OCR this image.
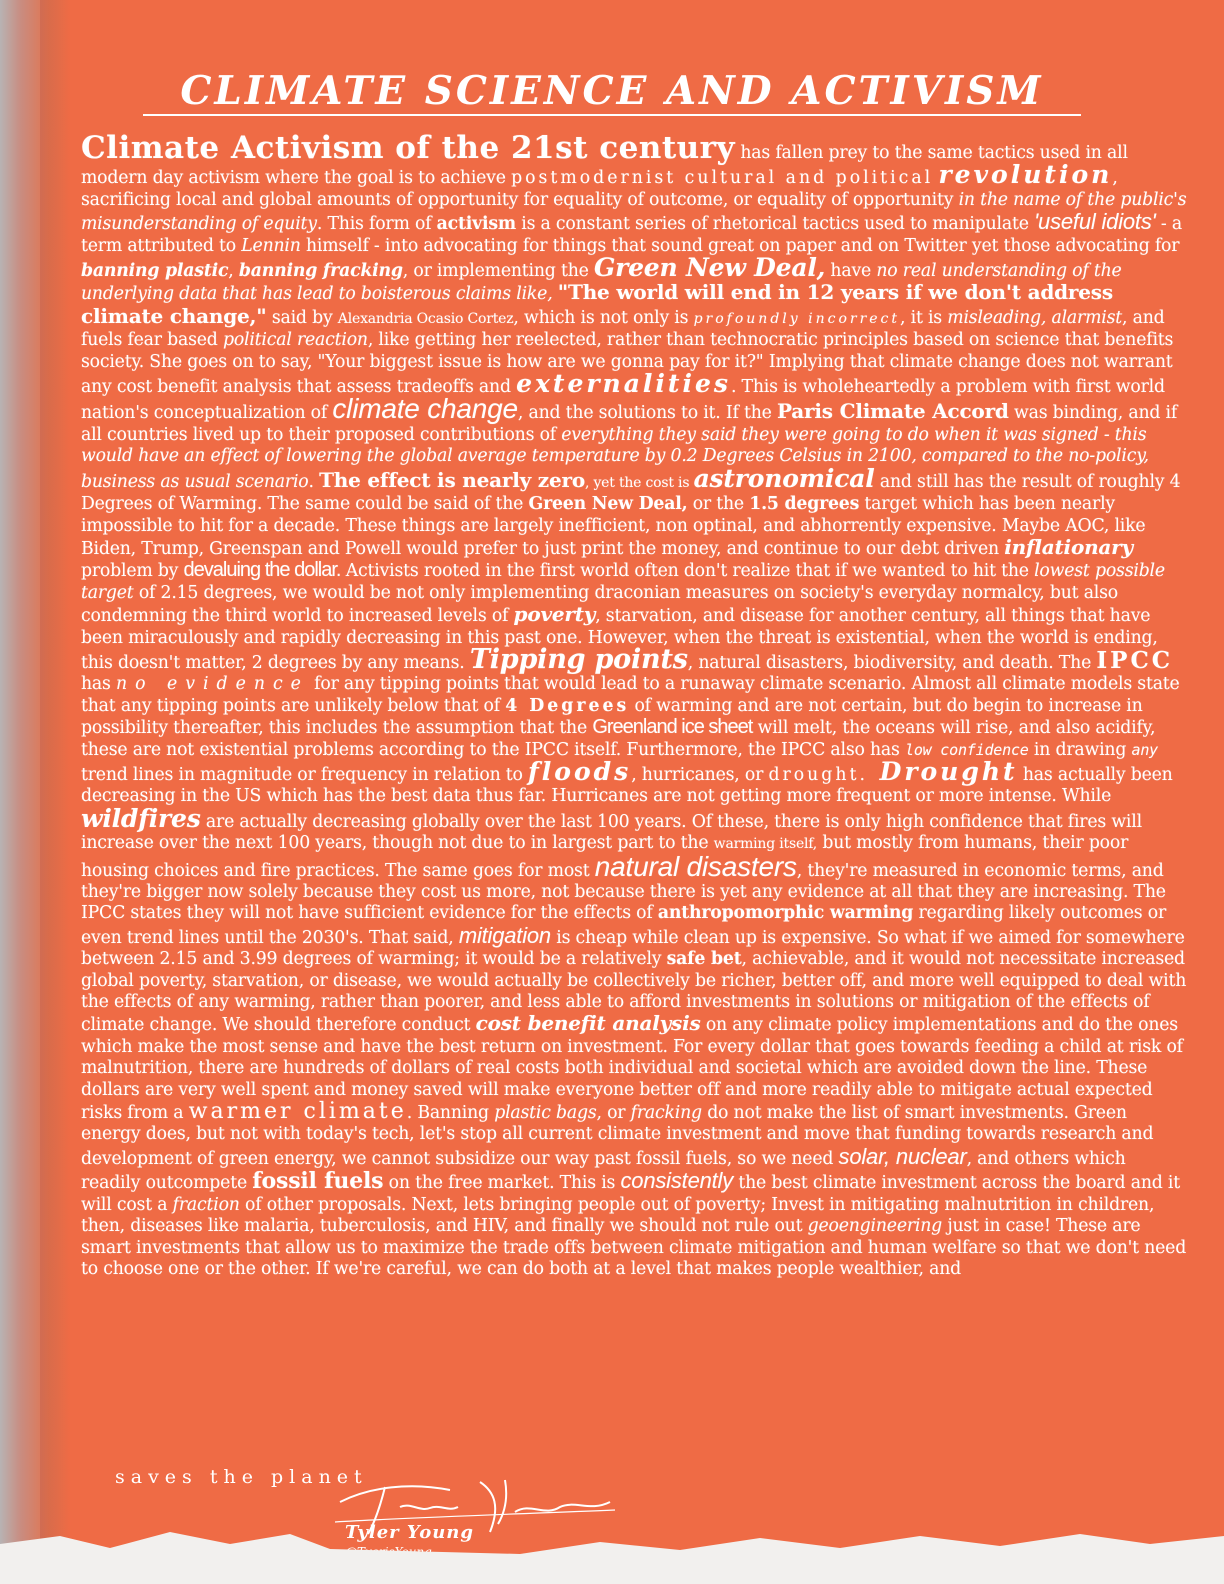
CLIMATE SCIENCE AND ACTIVISM
Climate Activism of the 21st century has fallen prey to the same tactics used in all modern day activism where the goal is to achieve postmodernist cultural and political revolution, sacrificing local and global amounts of opportunity for equality of outcome, or equality of opportunity in the name of the public's misunderstanding of equity. This form of activism is a constant series of rhetorical tactics used to manipulate 'useful idiots' - a term attributed to Lennin himself - into advocating for things that sound great on paper and on Twitter yet those advocating for banning plastic, banning fracking, or implementing the Green New Deal, have no real understanding of the underlying data that has lead to boisterous claims like, "The world will end in 12 years if we don't address climate change," said by Alexandria Ocasio Cortez, which is not only is profoundly incorrect, it is misleading, alarmist, and fuels fear based political reaction, like getting her reelected, rather than technocratic principles based on science that benefits society. She goes on to say, "Your biggest issue is how are we gonna pay for it?" Implying that climate change does not warrant any cost benefit analysis that assess tradeoffs and externalities. This is wholeheartedly a problem with first world nation's conceptualization of climate change, and the solutions to it. If the Paris Climate Accord was binding, and if all countries lived up to their proposed contributions of everything they said they were going to do when it was signed - this would have an effect of lowering the global average temperature by 0.2 Degrees Celsius in 2100, compared to the no-policy, business as usual scenario. The effect is nearly zero, yet the cost is astronomical and still has the result of roughly 4 Degrees of Warming. The same could be said of the Green New Deal, or the 1.5 degrees target which has been nearly impossible to hit for a decade. These things are largely inefficient, non optinal, and abhorrently expensive. Maybe AOC, like Biden, Trump, Greenspan and Powell would prefer to just print the money, and continue to our debt driven inflationary problem by devaluing the dollar. Activists rooted in the first world often don't realize that if we wanted to hit the lowest possible target of 2.15 degrees, we would be not only implementing draconian measures on society's everyday normalcy, but also condemning the third world to increased levels of poverty, starvation, and disease for another century, all things that have been miraculously and rapidly decreasing in this past one. However, when the threat is existential, when the world is ending, this doesn't matter, 2 degrees by any means. Tipping points, natural disasters, biodiversity, and death. The IPCC has no evidence for any tipping points that would lead to a runaway climate scenario. Almost all climate models state that any tipping points are unlikely below that of 4 Degrees of warming and are not certain, but do begin to increase in possibility thereafter, this includes the assumption that the Greenland ice sheet will melt, the oceans will rise, and also acidify, these are not existential problems according to the IPCC itself. Furthermore, the IPCC also has low confidence in drawing any trend lines in magnitude or frequency in relation to floods, hurricanes, or drought. Drought has actually been decreasing in the US which has the best data thus far. Hurricanes are not getting more frequent or more intense. While wildfires are actually decreasing globally over the last 100 years. Of these, there is only high confidence that fires will increase over the next 100 years, though not due to in largest part to the warming itself, but mostly from humans, their poor housing choices and fire practices. The same goes for most natural disasters, they're measured in economic terms, and they're bigger now solely because they cost us more, not because there is yet any evidence at all that they are increasing. The IPCC states they will not have sufficient evidence for the effects of anthropomorphic warming regarding likely outcomes or even trend lines until the 2030's. That said, mitigation is cheap while clean up is expensive. So what if we aimed for somewhere between 2.15 and 3.99 degrees of warming; it would be a relatively safe bet, achievable, and it would not necessitate increased global poverty, starvation, or disease, we would actually be collectively be richer, better off, and more well equipped to deal with the effects of any warming, rather than poorer, and less able to afford investments in solutions or mitigation of the effects of climate change. We should therefore conduct cost benefit analysis on any climate policy implementations and do the ones which make the most sense and have the best return on investment. For every dollar that goes towards feeding a child at risk of malnutrition, there are hundreds of dollars of real costs both individual and societal which are avoided down the line. These dollars are very well spent and money saved will make everyone better off and more readily able to mitigate actual expected risks from a warmer climate. Banning plastic bags, or fracking do not make the list of smart investments. Green energy does, but not with today's tech, let's stop all current climate investment and move that funding towards research and development of green energy, we cannot subsidize our way past fossil fuels, so we need solar, nuclear, and others which readily outcompete fossil fuels on the free market. This is consistently the best climate investment across the board and it will cost a fraction of other proposals. Next, lets bringing people out of poverty; Invest in mitigating malnutrition in children, then, diseases like malaria, tuberculosis, and HIV, and finally we should not rule out geoengineering just in case! These are smart investments that allow us to maximize the trade offs between climate mitigation and human welfare so that we don't need to choose one or the other. If we're careful, we can do both at a level that makes people wealthier, and
saves the planet
Tyler Young
